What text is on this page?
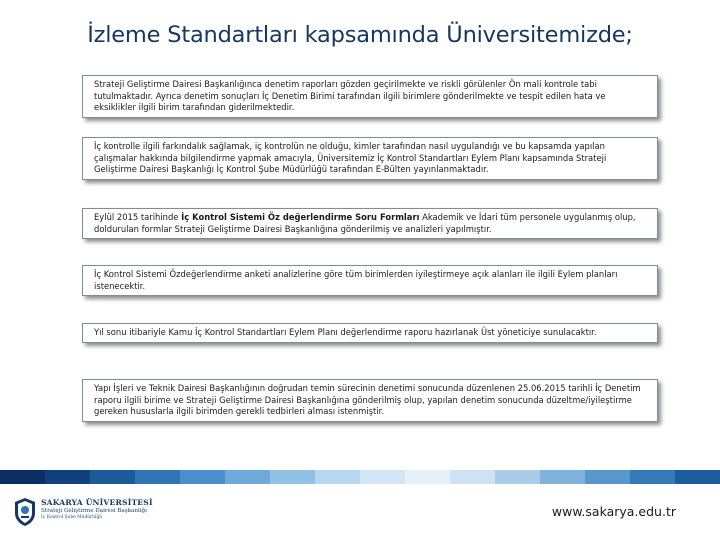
İzleme Standartları kapsamında Üniversitemizde;

Strateji Geliştirme Dairesi Başkanlığınca denetim raporları gözden geçirilmekte ve riskli görülenler Ön mali kontrole tabi tutulmaktadır. Ayrıca denetim sonuçları İç Denetim Birimi tarafından ilgili birimlere gönderilmekte ve tespit edilen hata ve eksiklikler ilgili birim tarafından giderilmektedir.

İç kontrolle ilgili farkındalık sağlamak, iç kontrolün ne olduğu, kimler tarafından nasıl uygulandığı ve bu kapsamda yapılan çalışmalar hakkında bilgilendirme yapmak amacıyla, Üniversitemiz İç Kontrol Standartları Eylem Planı kapsamında Strateji Geliştirme Dairesi Başkanlığı İç Kontrol Şube Müdürlüğü tarafından E-Bülten yayınlanmaktadır.

Eylül 2015 tarihinde İç Kontrol Sistemi Öz değerlendirme Soru Formları Akademik ve İdari tüm personele uygulanmış olup, doldurulan formlar Strateji Geliştirme Dairesi Başkanlığına gönderilmiş ve analizleri yapılmıştır.

İç Kontrol Sistemi Özdeğerlendirme anketi analizlerine göre tüm birimlerden iyileştirmeye açık alanları ile ilgili Eylem planları istenecektir.

Yıl sonu itibariyle Kamu İç Kontrol Standartları Eylem Planı değerlendirme raporu hazırlanak Üst yöneticiye sunulacaktır.

Yapı İşleri ve Teknik Dairesi Başkanlığının doğrudan temin sürecinin denetimi sonucunda düzenlenen 25.06.2015 tarihli İç Denetim raporu ilgili birime ve Strateji Geliştirme Dairesi Başkanlığına gönderilmiş olup, yapılan denetim sonucunda düzeltme/iyileştirme gereken hususlarla ilgili birimden gerekli tedbirleri alması istenmiştir.

SAKARYA ÜNİVERSİTESİ
Strateji Geliştirme Dairesi Başkanlığı
İç Kontrol Şube Müdürlüğü	www.sakarya.edu.tr
